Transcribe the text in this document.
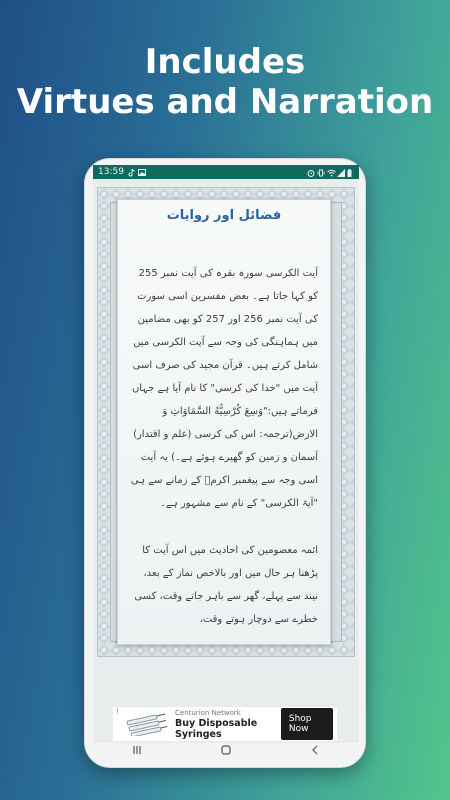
Includes
Virtues and Narration
13:59
فضائل اور روایات

آیت الکرسی سورہ بقرہ کی آیت نمبر 255 کو کہا جاتا ہے۔ بعض مفسرین اسی سورت کی آیت نمبر 256 اور 257 کو بھی مضامین میں ہماہنگی کی وجہ سے آیت الکرسی میں شامل کرتے ہیں۔ قرآن مجید کی صرف اسی آیت میں "خدا کی کرسی" کا نام آیا ہے جہاں فرماتے ہیں:"وَسِعَ كُرْسِيُّهُ السَّمَاوَاتِ وَ الارض(ترجمہ: اس کی کرسی (علم و اقتدار) آسمان و زمین کو گھیرے ہوئے ہے۔) یہ آیت اسی وجہ سے پیغمبر اکرمؐ کے زمانے سے ہی "آیۃ الکرسی" کے نام سے مشہور ہے۔

ائمہ معصومین کی احادیث میں اس آیت کا پڑھنا ہر حال میں اور بالاخص نماز کے بعد، نیند سے پہلے، گھر سے باہر جاتے وقت، کسی خطرے سے دوچار ہوتے وقت،

i	Centurion Network
Buy Disposable Syringes
Shop Now
